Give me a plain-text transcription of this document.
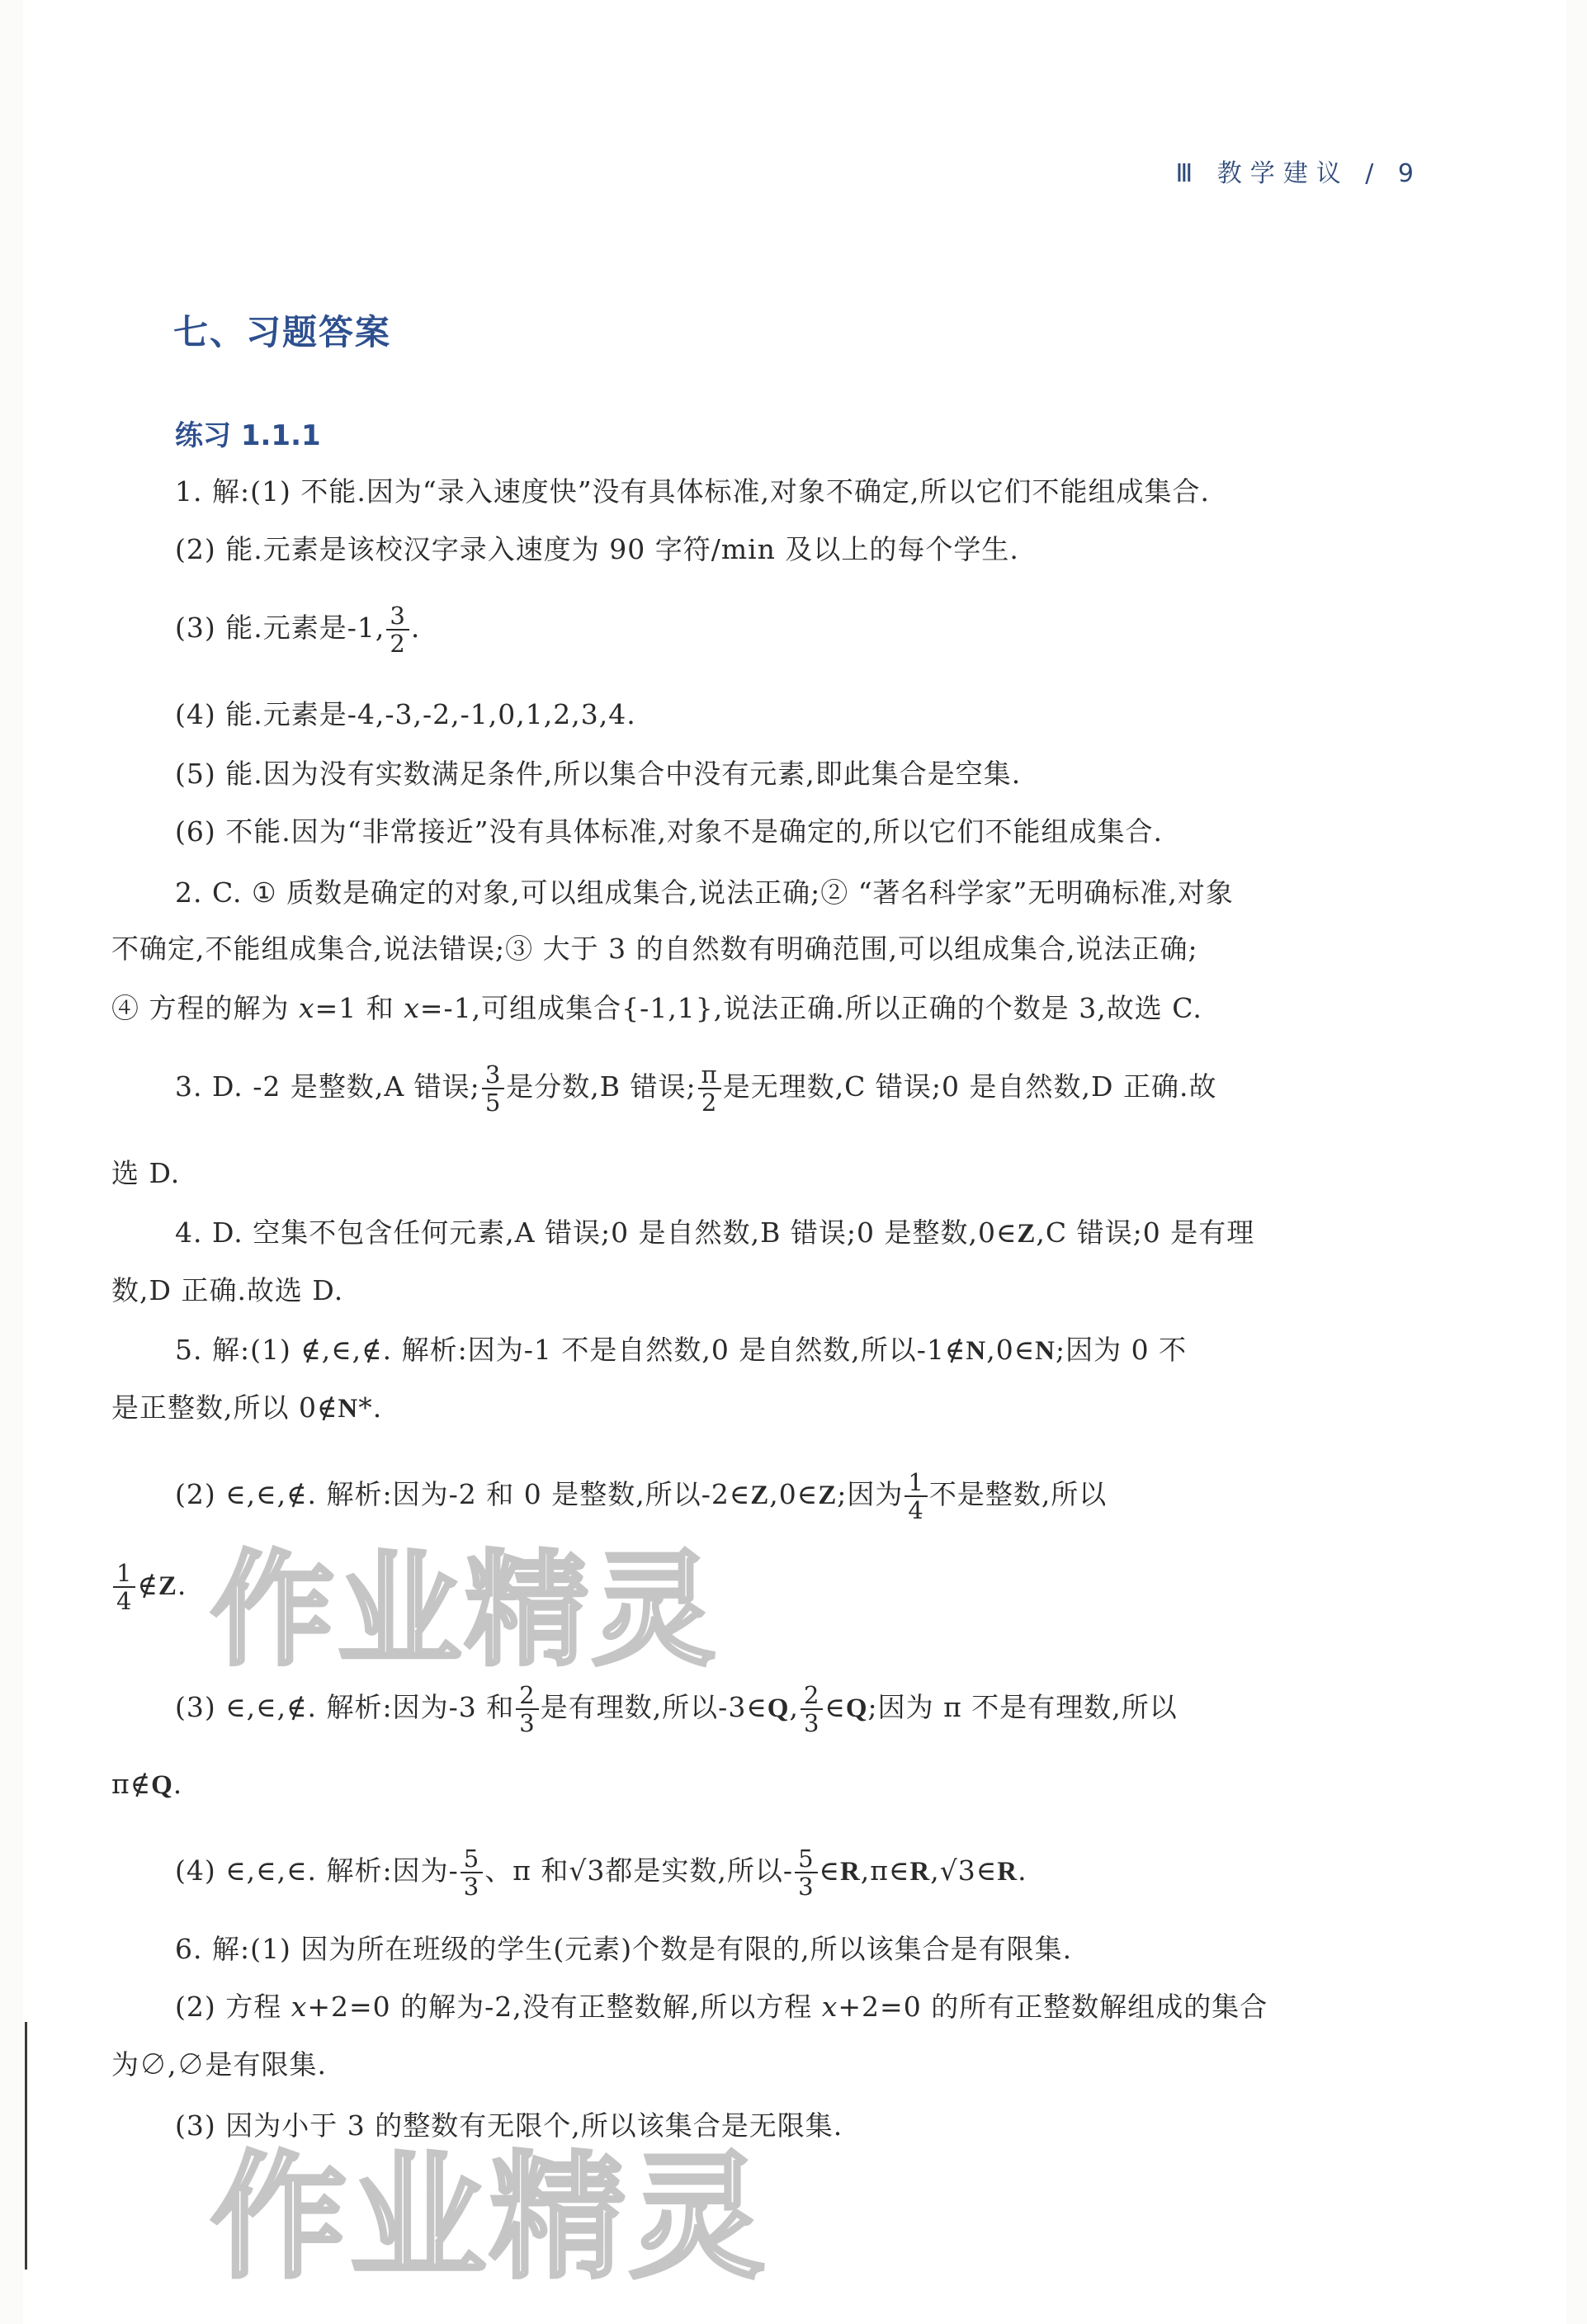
Ⅲ 教学建议 / 9
七、习题答案
练习 1.1.1
1. 解:(1) 不能.因为“录入速度快”没有具体标准,对象不确定,所以它们不能组成集合.
(2) 能.元素是该校汉字录入速度为 90 字符/min 及以上的每个学生.
(3) 能.元素是-1, $\frac{3}{2}$ .
(4) 能.元素是-4,-3,-2,-1,0,1,2,3,4.
(5) 能.因为没有实数满足条件,所以集合中没有元素,即此集合是空集.
(6) 不能.因为“非常接近”没有具体标准,对象不是确定的,所以它们不能组成集合.
2. C. ① 质数是确定的对象,可以组成集合,说法正确;② “著名科学家”无明确标准,对象
不确定,不能组成集合,说法错误;③ 大于 3 的自然数有明确范围,可以组成集合,说法正确;
④ 方程的解为 x=1 和 x=-1,可组成集合{-1,1},说法正确.所以正确的个数是 3,故选 C.
3. D. -2 是整数,A 错误; $\frac{3}{5}$ 是分数,B 错误; $\frac{\pi}{2}$ 是无理数,C 错误;0 是自然数,D 正确.故
选 D.
4. D. 空集不包含任何元素,A 错误;0 是自然数,B 错误;0 是整数,0∈Z,C 错误;0 是有理
数,D 正确.故选 D.
5. 解:(1) ∉,∈,∉. 解析:因为-1 不是自然数,0 是自然数,所以-1∉N,0∈N;因为 0 不
是正整数,所以 0∉N*.
(2) ∈,∈,∉. 解析:因为-2 和 0 是整数,所以-2∈Z,0∈Z;因为 $\frac{1}{4}$ 不是整数,所以
$\frac{1}{4}$ ∉Z.
(3) ∈,∈,∉. 解析:因为-3 和 $\frac{2}{3}$ 是有理数,所以-3∈Q, $\frac{2}{3}$ ∈Q;因为 π 不是有理数,所以
π∉Q.
(4) ∈,∈,∈. 解析:因为- $\frac{5}{3}$ 、π 和√3都是实数,所以- $\frac{5}{3}$ ∈R,π∈R,√3∈R.
6. 解:(1) 因为所在班级的学生(元素)个数是有限的,所以该集合是有限集.
(2) 方程 x+2=0 的解为-2,没有正整数解,所以方程 x+2=0 的所有正整数解组成的集合
为∅,∅是有限集.
(3) 因为小于 3 的整数有无限个,所以该集合是无限集.
作业精灵
作业精灵
